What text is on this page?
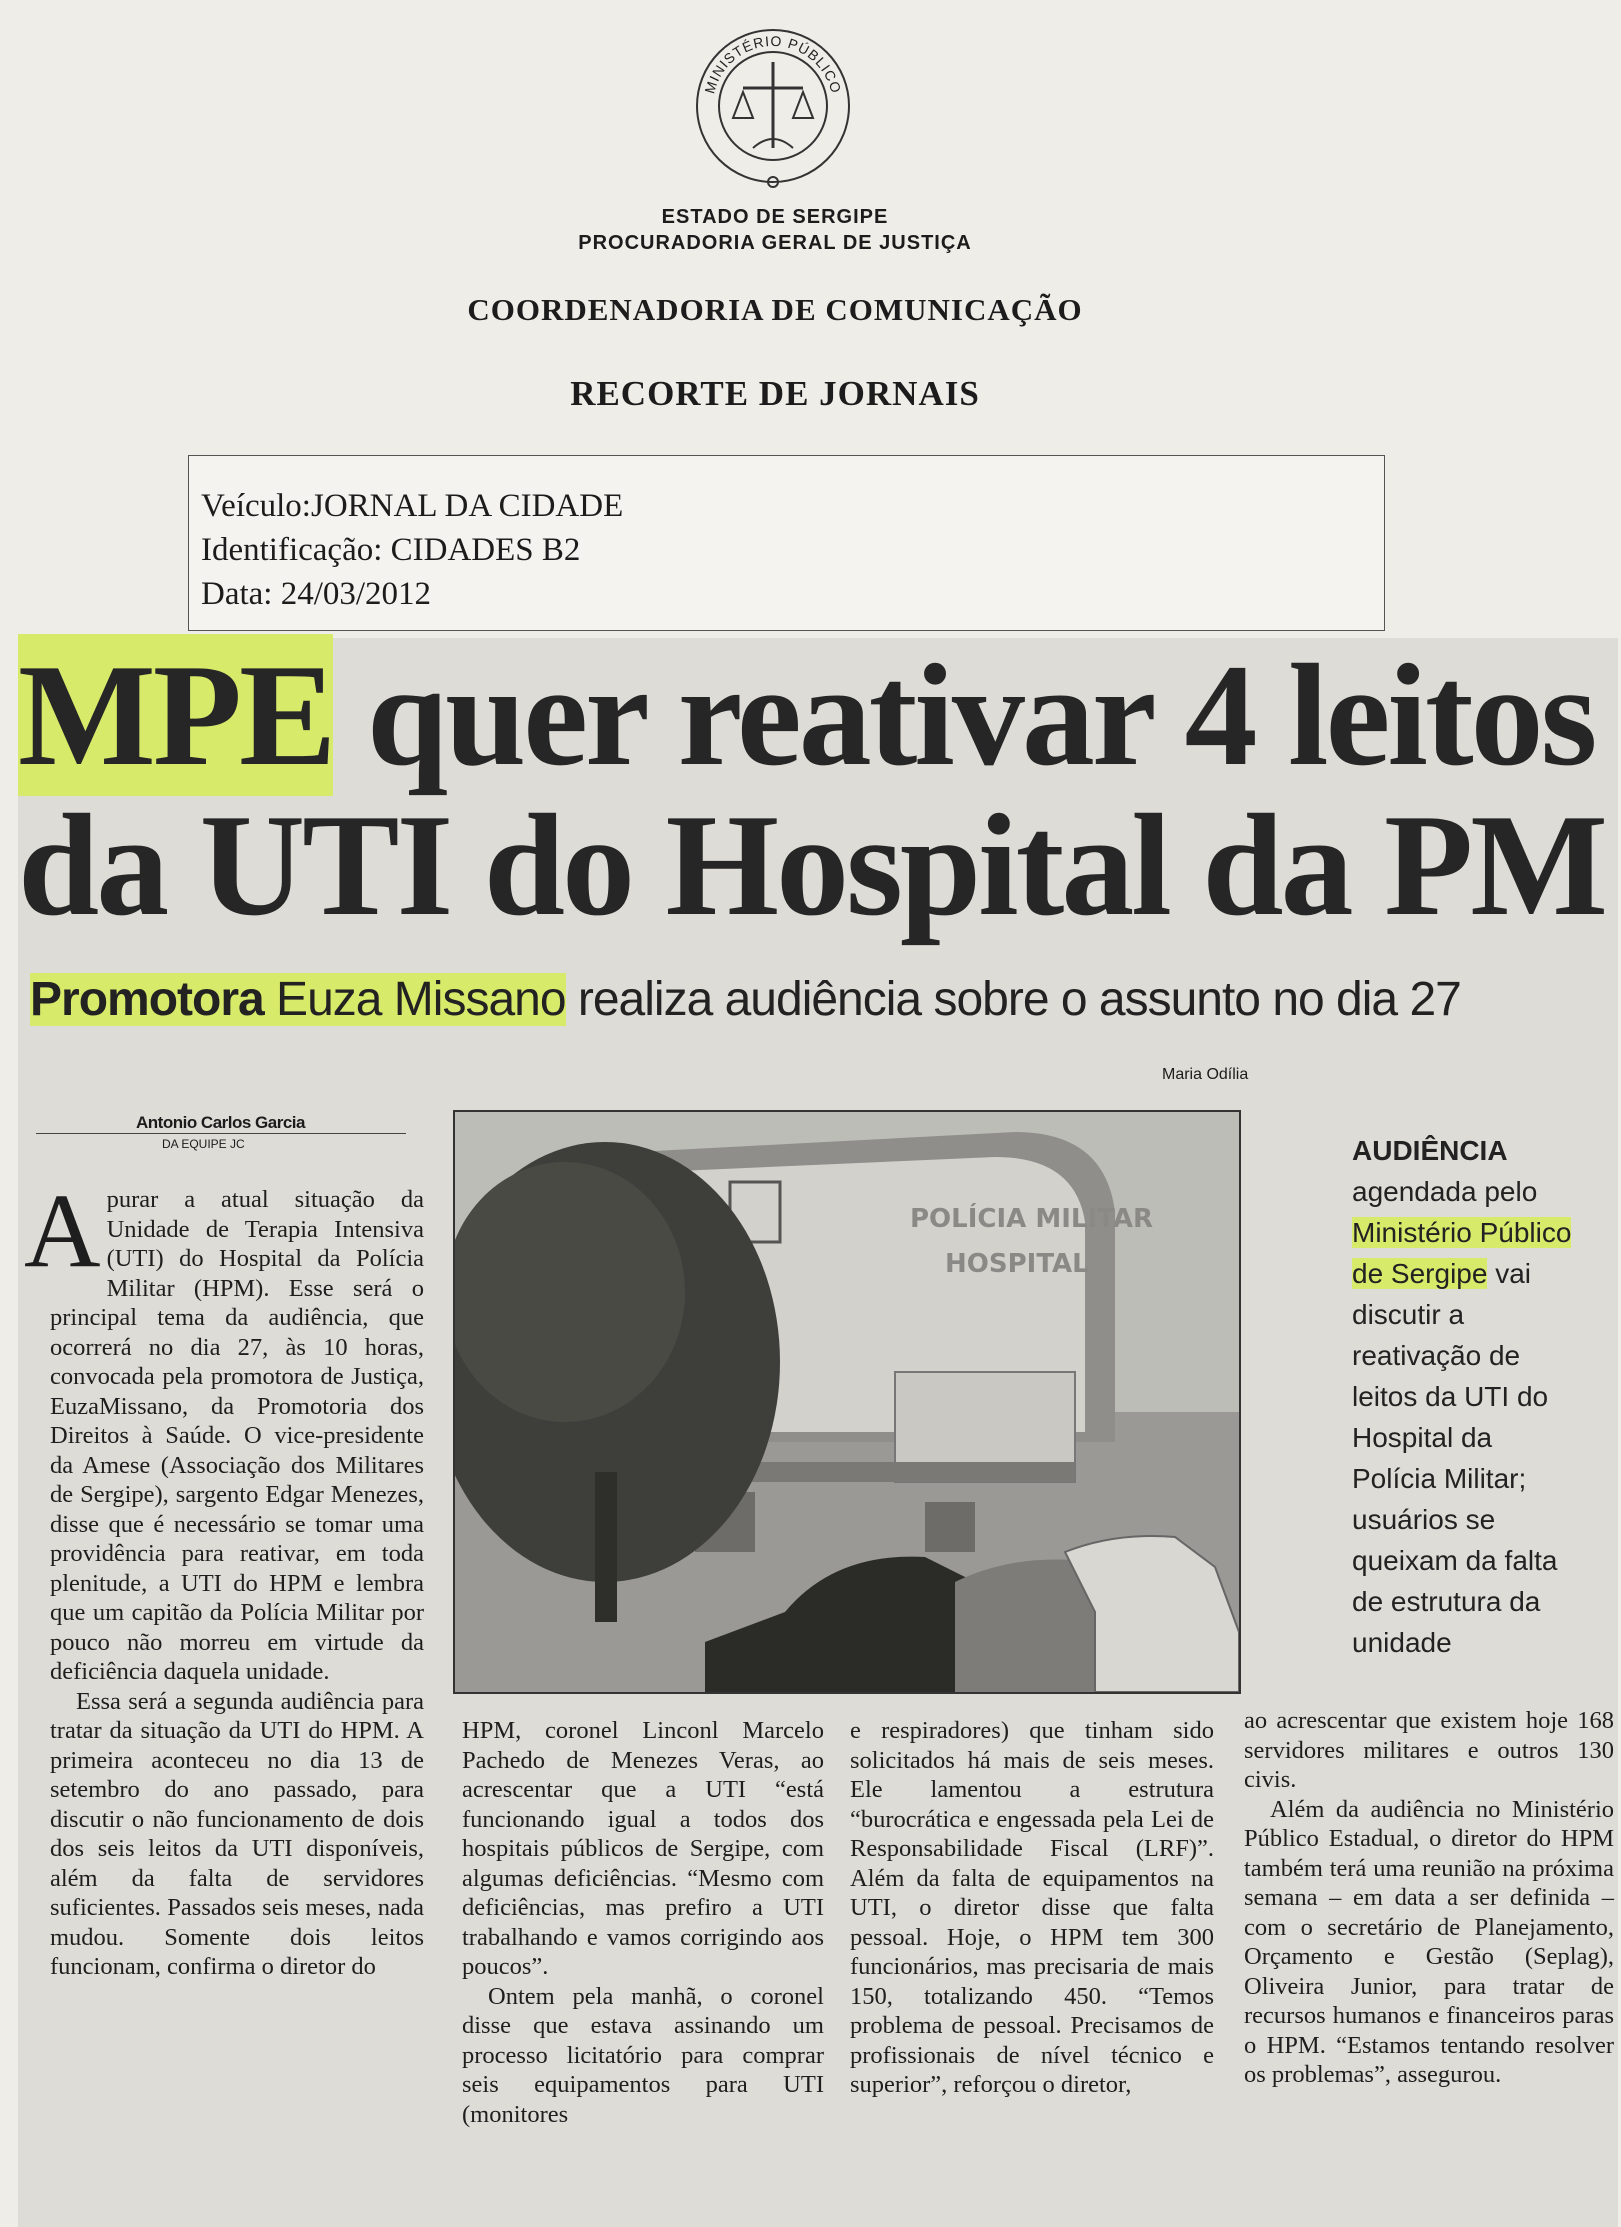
MINISTÉRIO PÚBLICO
ESTADO DE SERGIPE
PROCURADORIA GERAL DE JUSTIÇA
COORDENADORIA DE COMUNICAÇÃO
RECORTE DE JORNAIS
Veículo:JORNAL DA CIDADE
Identificação: CIDADES B2
Data: 24/03/2012
MPE quer reativar 4 leitos
da UTI do Hospital da PM
Promotora Euza Missano realiza audiência sobre o assunto no dia 27
Antonio Carlos Garcia
DA EQUIPE JC
Maria Odília
POLÍCIA MILITAR
HOSPITAL
AUDIÊNCIA agendada pelo Ministério Público de Sergipe vai discutir a reativação de leitos da UTI do Hospital da Polícia Militar; usuários se queixam da falta de estrutura da unidade

Apurar a atual situação da Unidade de Terapia Intensiva (UTI) do Hospital da Polícia Militar (HPM). Esse será o principal tema da audiência, que ocorrerá no dia 27, às 10 horas, convocada pela promotora de Justiça, EuzaMissano, da Promotoria dos Direitos à Saúde. O vice-presidente da Amese (Associação dos Militares de Sergipe), sargento Edgar Menezes, disse que é necessário se tomar uma providência para reativar, em toda plenitude, a UTI do HPM e lembra que um capitão da Polícia Militar por pouco não morreu em virtude da deficiência daquela unidade.

Essa será a segunda audiência para tratar da situação da UTI do HPM. A primeira aconteceu no dia 13 de setembro do ano passado, para discutir o não funcionamento de dois dos seis leitos da UTI disponíveis, além da falta de servidores suficientes. Passados seis meses, nada mudou. Somente dois leitos funcionam, confirma o diretor do

HPM, coronel Linconl Marcelo Pachedo de Menezes Veras, ao acrescentar que a UTI “está funcionando igual a todos dos hospitais públicos de Sergipe, com algumas deficiências. “Mesmo com deficiências, mas prefiro a UTI trabalhando e vamos corrigindo aos poucos”.

Ontem pela manhã, o coronel disse que estava assinando um processo licitatório para comprar seis equipamentos para UTI (monitores

e respiradores) que tinham sido solicitados há mais de seis meses. Ele lamentou a estrutura “burocrática e engessada pela Lei de Responsabilidade Fiscal (LRF)”. Além da falta de equipamentos na UTI, o diretor disse que falta pessoal. Hoje, o HPM tem 300 funcionários, mas precisaria de mais 150, totalizando 450. “Temos problema de pessoal. Precisamos de profissionais de nível técnico e superior”, reforçou o diretor,

ao acrescentar que existem hoje 168 servidores militares e outros 130 civis.

Além da audiência no Ministério Público Estadual, o diretor do HPM também terá uma reunião na próxima semana – em data a ser definida – com o secretário de Planejamento, Orçamento e Gestão (Seplag), Oliveira Junior, para tratar de recursos humanos e financeiros paras o HPM. “Estamos tentando resolver os problemas”, assegurou.
